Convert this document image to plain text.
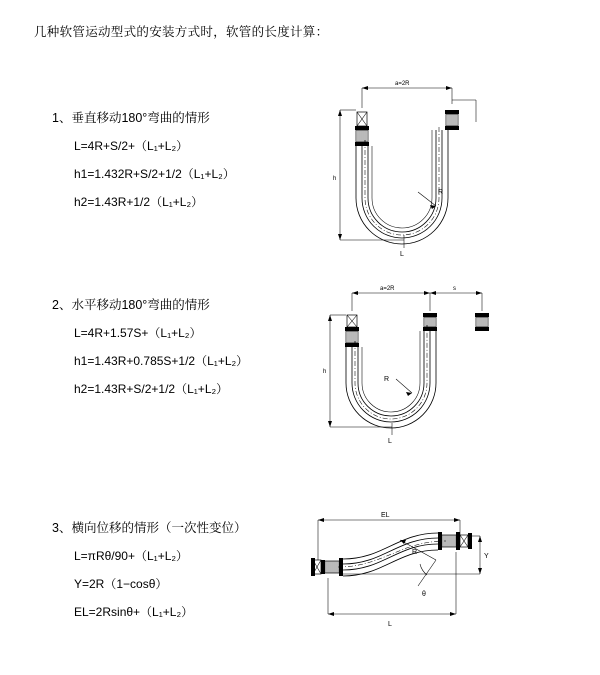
几种软管运动型式的安装方式时，软管的长度计算：

1、垂直移动180°弯曲的情形

L=4R+S/2+（L₁+L₂）

h1=1.432R+S/2+1/2（L₁+L₂）

h2=1.43R+1/2（L₁+L₂）

a=2R
h
R
L

2、水平移动180°弯曲的情形

L=4R+1.57S+（L₁+L₂）

h1=1.43R+0.785S+1/2（L₁+L₂）

h2=1.43R+S/2+1/2（L₁+L₂）

a=2R	s
h
R
L

3、横向位移的情形（一次性变位）

L=πRθ/90+（L₁+L₂）

Y=2R（1−cosθ）

EL=2Rsinθ+（L₁+L₂）

EL
Y
R
θ
L
